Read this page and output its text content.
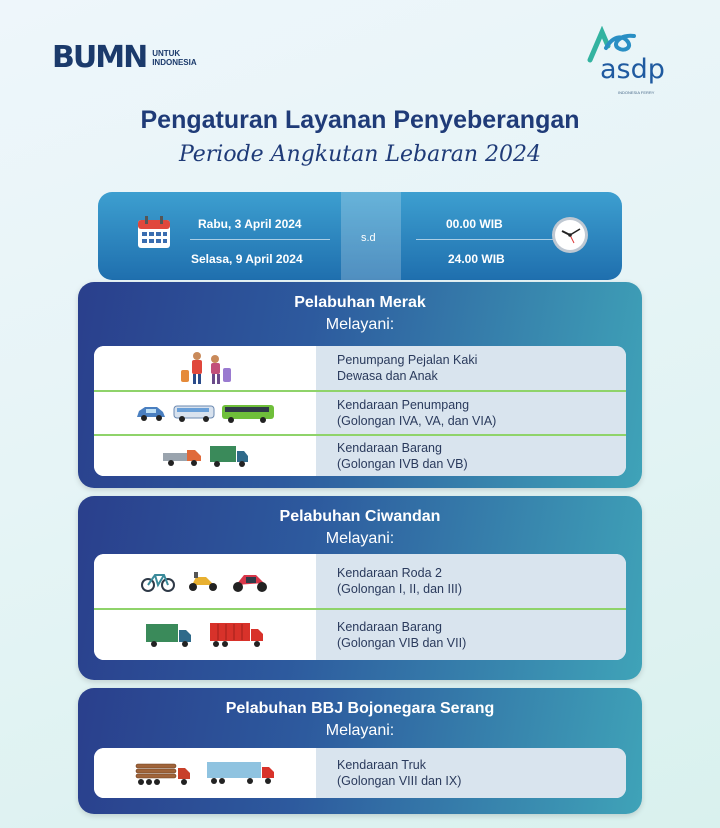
BUMN UNTUK
INDONESIA	asdp
INDONESIA FERRY
Pengaturan Layanan Penyeberangan
Periode Angkutan Lebaran 2024
Rabu, 3 April 2024
Selasa, 9 April 2024
s.d
00.00 WIB
24.00 WIB
Pelabuhan Merak
Melayani:
Penumpang Pejalan Kaki
Dewasa dan Anak
Kendaraan Penumpang
(Golongan IVA, VA, dan VIA)
Kendaraan Barang
(Golongan IVB dan VB)
Pelabuhan Ciwandan
Melayani:
Kendaraan Roda 2
(Golongan I, II, dan III)
Kendaraan Barang
(Golongan VIB dan VII)
Pelabuhan BBJ Bojonegara Serang
Melayani:
Kendaraan Truk
(Golongan VIII dan IX)
